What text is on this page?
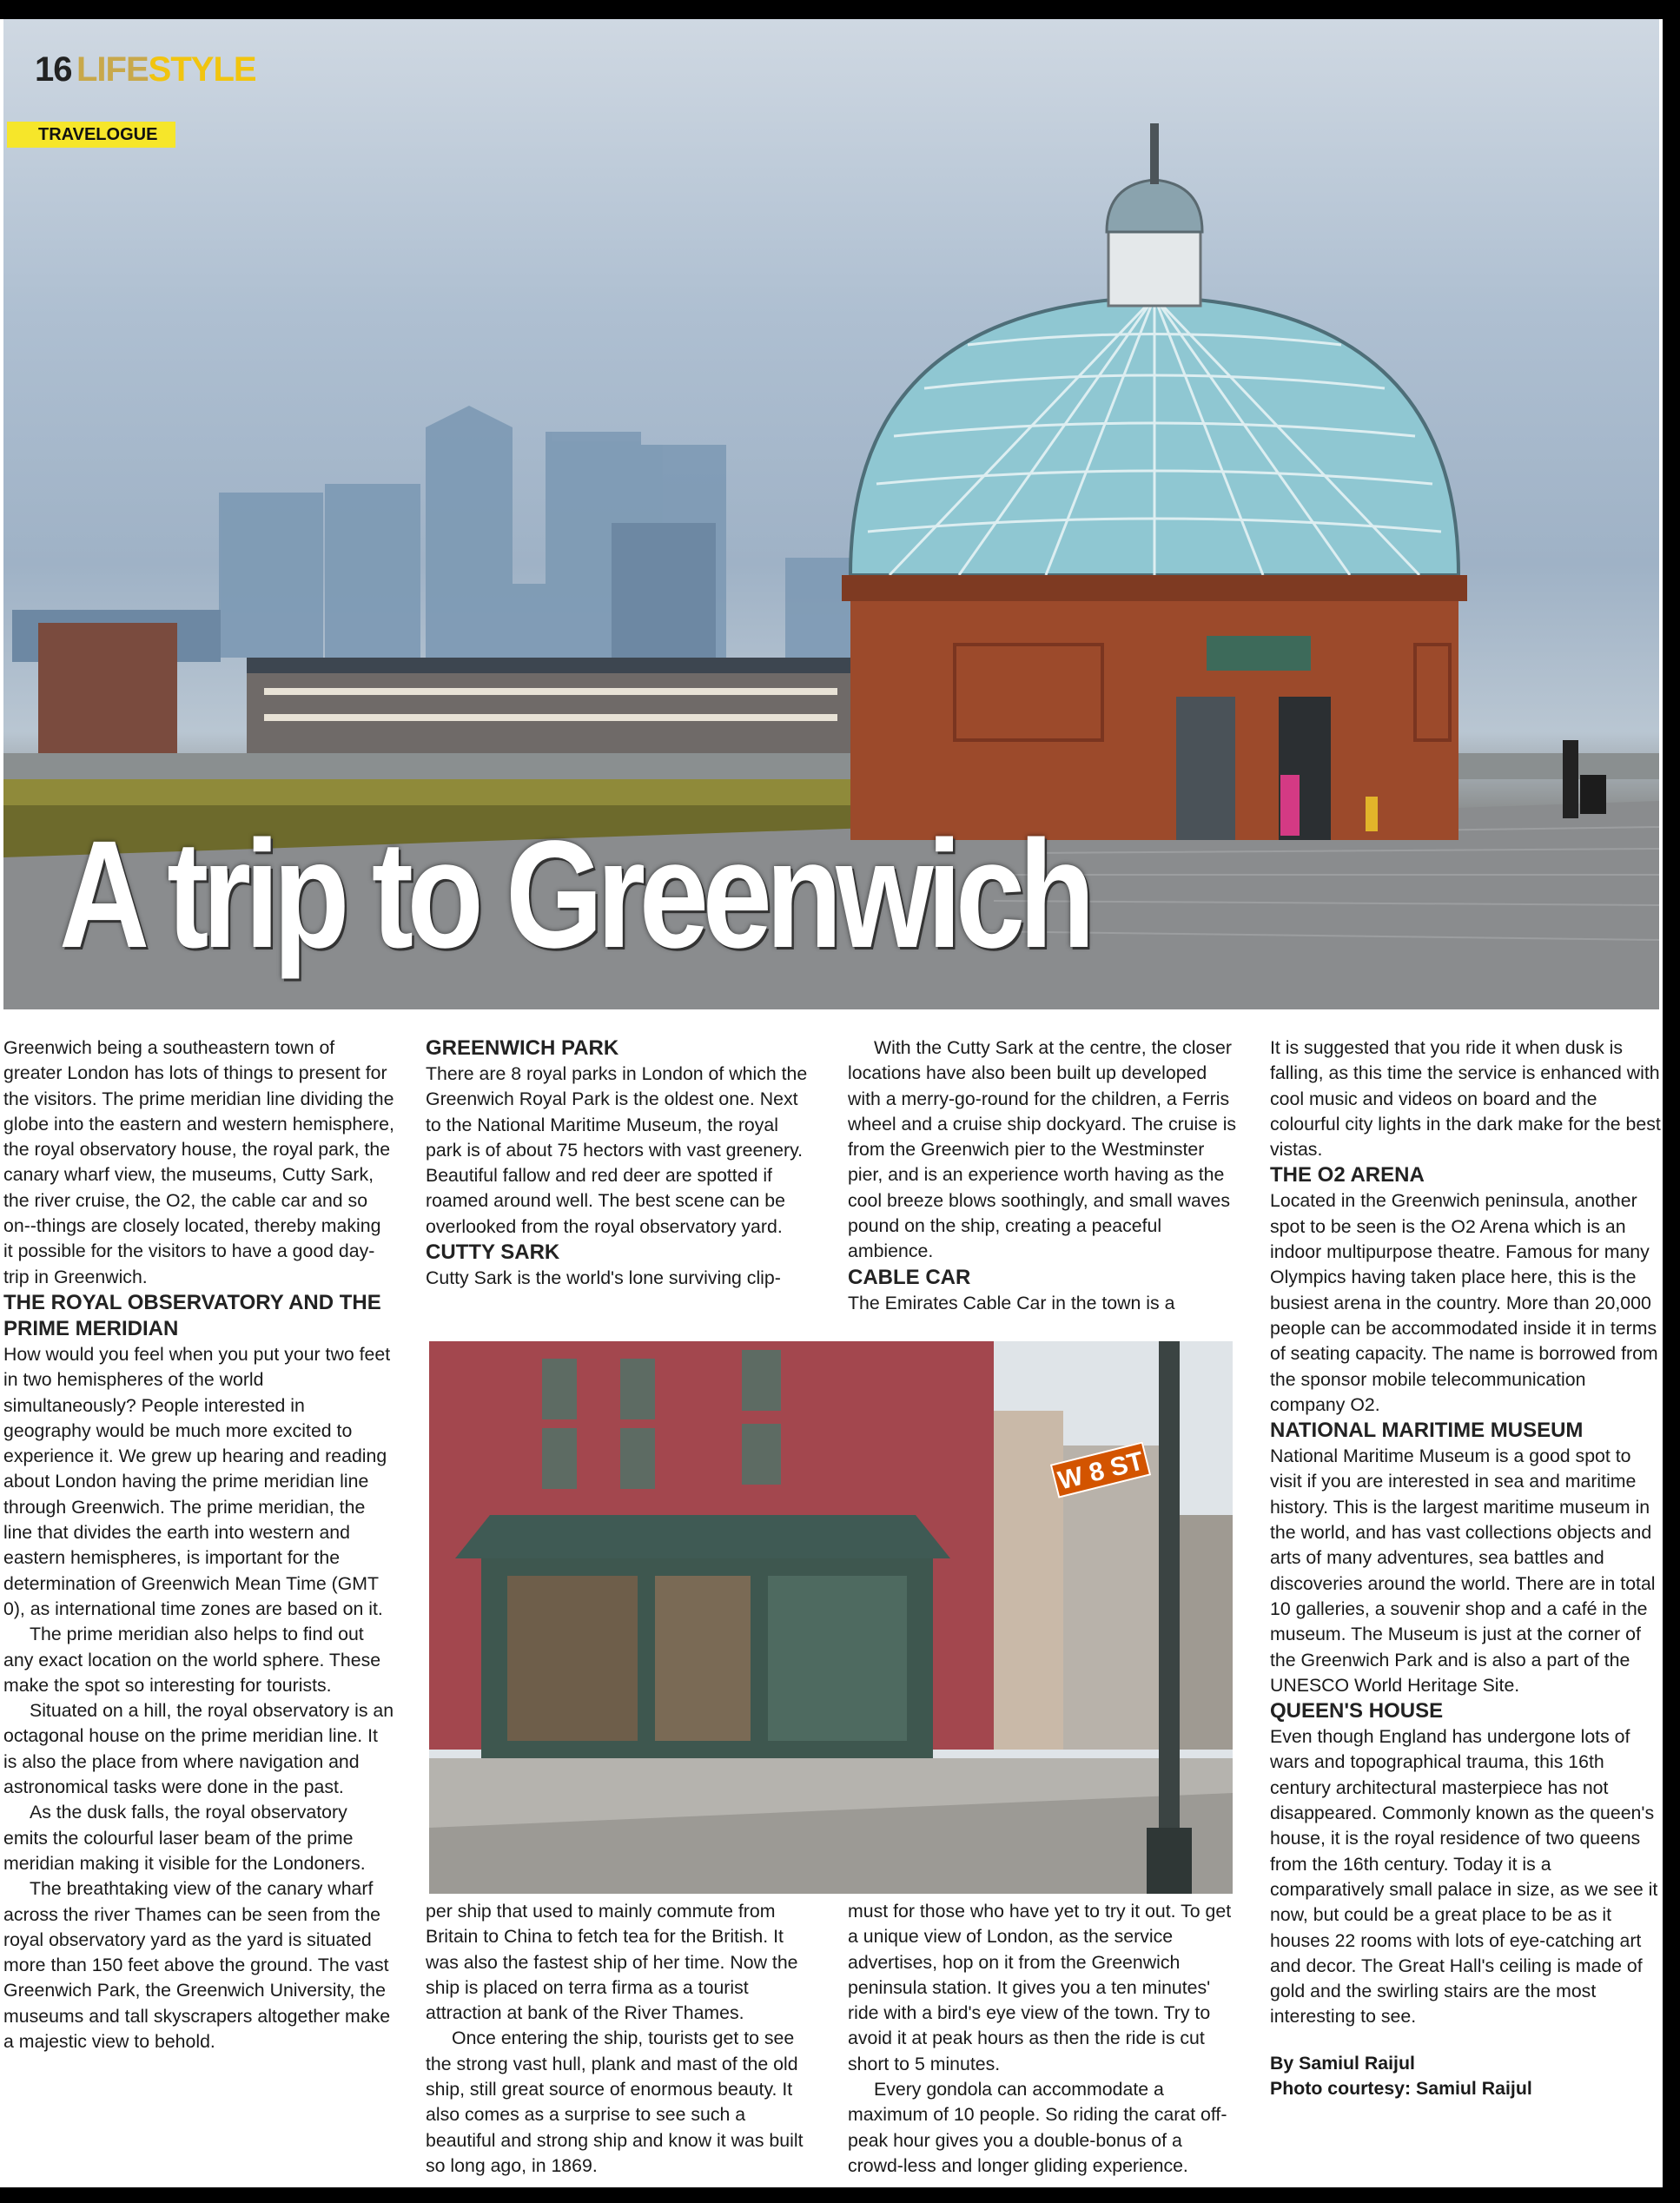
16 LIFESTYLE
TRAVELOGUE
A trip to Greenwich

Greenwich being a southeastern town of greater London has lots of things to present for the visitors. The prime meridian line dividing the globe into the eastern and western hemisphere, the royal observatory house, the royal park, the canary wharf view, the museums, Cutty Sark, the river cruise, the O2, the cable car and so on--things are closely located, thereby making it possible for the visitors to have a good day-trip in Greenwich.

THE ROYAL OBSERVATORY AND THE PRIME MERIDIAN

How would you feel when you put your two feet in two hemispheres of the world simultaneously? People interested in geography would be much more excited to experience it. We grew up hearing and reading about London having the prime meridian line through Greenwich. The prime meridian, the line that divides the earth into western and eastern hemispheres, is important for the determination of Greenwich Mean Time (GMT 0), as international time zones are based on it.

The prime meridian also helps to find out any exact location on the world sphere. These make the spot so interesting for tourists.

Situated on a hill, the royal observatory is an octagonal house on the prime meridian line. It is also the place from where navigation and astronomical tasks were done in the past.

As the dusk falls, the royal observatory emits the colourful laser beam of the prime meridian making it visible for the Londoners.

The breathtaking view of the canary wharf across the river Thames can be seen from the royal observatory yard as the yard is situated more than 150 feet above the ground. The vast Greenwich Park, the Greenwich University, the museums and tall skyscrapers altogether make a majestic view to behold.

GREENWICH PARK

There are 8 royal parks in London of which the Greenwich Royal Park is the oldest one. Next to the National Maritime Museum, the royal park is of about 75 hectors with vast greenery. Beautiful fallow and red deer are spotted if roamed around well. The best scene can be overlooked from the royal observatory yard.

CUTTY SARK

Cutty Sark is the world's lone surviving clip-

With the Cutty Sark at the centre, the closer locations have also been built up developed with a merry-go-round for the children, a Ferris wheel and a cruise ship dockyard. The cruise is from the Greenwich pier to the Westminster pier, and is an experience worth having as the cool breeze blows soothingly, and small waves pound on the ship, creating a peaceful ambience.

CABLE CAR

The Emirates Cable Car in the town is a

It is suggested that you ride it when dusk is falling, as this time the service is enhanced with cool music and videos on board and the colourful city lights in the dark make for the best vistas.

THE O2 ARENA

Located in the Greenwich peninsula, another spot to be seen is the O2 Arena which is an indoor multipurpose theatre. Famous for many Olympics having taken place here, this is the busiest arena in the country. More than 20,000 people can be accommodated inside it in terms of seating capacity. The name is borrowed from the sponsor mobile telecommunication company O2.

NATIONAL MARITIME MUSEUM

National Maritime Museum is a good spot to visit if you are interested in sea and maritime history. This is the largest maritime museum in the world, and has vast collections objects and arts of many adventures, sea battles and discoveries around the world. There are in total 10 galleries, a souvenir shop and a café in the museum. The Museum is just at the corner of the Greenwich Park and is also a part of the UNESCO World Heritage Site.

QUEEN'S HOUSE

Even though England has undergone lots of wars and topographical trauma, this 16th century architectural masterpiece has not disappeared. Commonly known as the queen's house, it is the royal residence of two queens from the 16th century. Today it is a comparatively small palace in size, as we see it now, but could be a great place to be as it houses 22 rooms with lots of eye-catching art and decor. The Great Hall's ceiling is made of gold and the swirling stairs are the most interesting to see.

By Samiul Raijul

Photo courtesy: Samiul Raijul

W 8 ST

per ship that used to mainly commute from Britain to China to fetch tea for the British. It was also the fastest ship of her time. Now the ship is placed on terra firma as a tourist attraction at bank of the River Thames.

Once entering the ship, tourists get to see the strong vast hull, plank and mast of the old ship, still great source of enormous beauty. It also comes as a surprise to see such a beautiful and strong ship and know it was built so long ago, in 1869.

must for those who have yet to try it out. To get a unique view of London, as the service advertises, hop on it from the Greenwich peninsula station. It gives you a ten minutes' ride with a bird's eye view of the town. Try to avoid it at peak hours as then the ride is cut short to 5 minutes.

Every gondola can accommodate a maximum of 10 people. So riding the carat off-peak hour gives you a double-bonus of a crowd-less and longer gliding experience.
